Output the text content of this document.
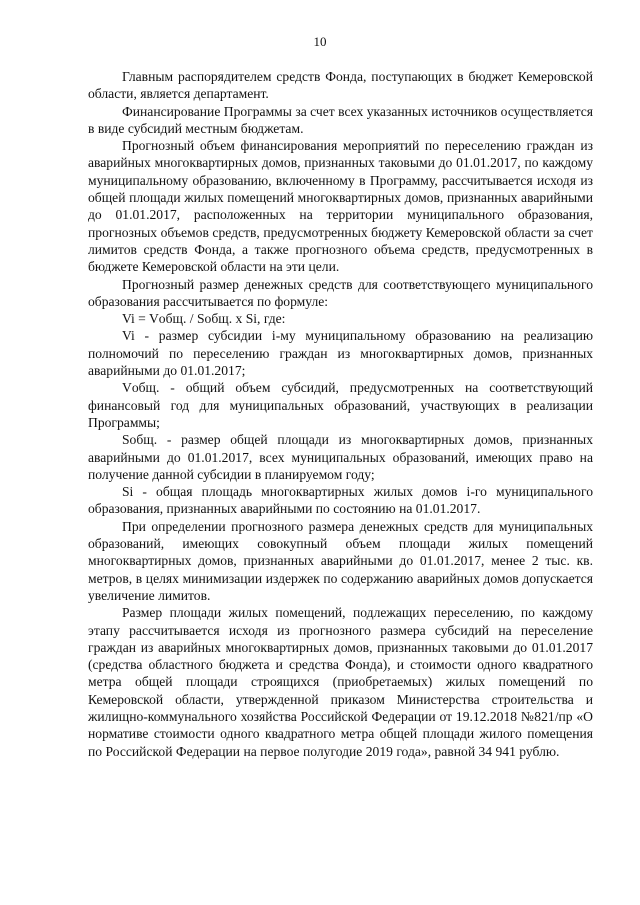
10

Главным распорядителем средств Фонда, поступающих в бюджет Кемеровской области, является департамент.

Финансирование Программы за счет всех указанных источников осуществляется в виде субсидий местным бюджетам.

Прогнозный объем финансирования мероприятий по переселению граждан из аварийных многоквартирных домов, признанных таковыми до 01.01.2017, по каждому муниципальному образованию, включенному в Программу, рассчитывается исходя из общей площади жилых помещений многоквартирных домов, признанных аварийными до 01.01.2017, расположенных на территории муниципального образования, прогнозных объемов средств, предусмотренных бюджету Кемеровской области за счет лимитов средств Фонда, а также прогнозного объема средств, предусмотренных в бюджете Кемеровской области на эти цели.

Прогнозный размер денежных средств для соответствующего муниципального образования рассчитывается по формуле:

Vi = Vобщ. / Sобщ. x Si, где:

Vi - размер субсидии i-му муниципальному образованию на реализацию полномочий по переселению граждан из многоквартирных домов, признанных аварийными до 01.01.2017;

Vобщ. - общий объем субсидий, предусмотренных на соответствующий финансовый год для муниципальных образований, участвующих в реализации Программы;

Sобщ. - размер общей площади из многоквартирных домов, признанных аварийными до 01.01.2017, всех муниципальных образований, имеющих право на получение данной субсидии в планируемом году;

Si - общая площадь многоквартирных жилых домов i-го муниципального образования, признанных аварийными по состоянию на 01.01.2017.

При определении прогнозного размера денежных средств для муниципальных образований, имеющих совокупный объем площади жилых помещений многоквартирных домов, признанных аварийными до 01.01.2017, менее 2 тыс. кв. метров, в целях минимизации издержек по содержанию аварийных домов допускается увеличение лимитов.

Размер площади жилых помещений, подлежащих переселению, по каждому этапу рассчитывается исходя из прогнозного размера субсидий на переселение граждан из аварийных многоквартирных домов, признанных таковыми до 01.01.2017 (средства областного бюджета и средства Фонда), и стоимости одного квадратного метра общей площади строящихся (приобретаемых) жилых помещений по Кемеровской области, утвержденной приказом Министерства строительства и жилищно-коммунального хозяйства Российской Федерации от 19.12.2018 №821/пр «О нормативе стоимости одного квадратного метра общей площади жилого помещения по Российской Федерации на первое полугодие 2019 года», равной 34 941 рублю.
